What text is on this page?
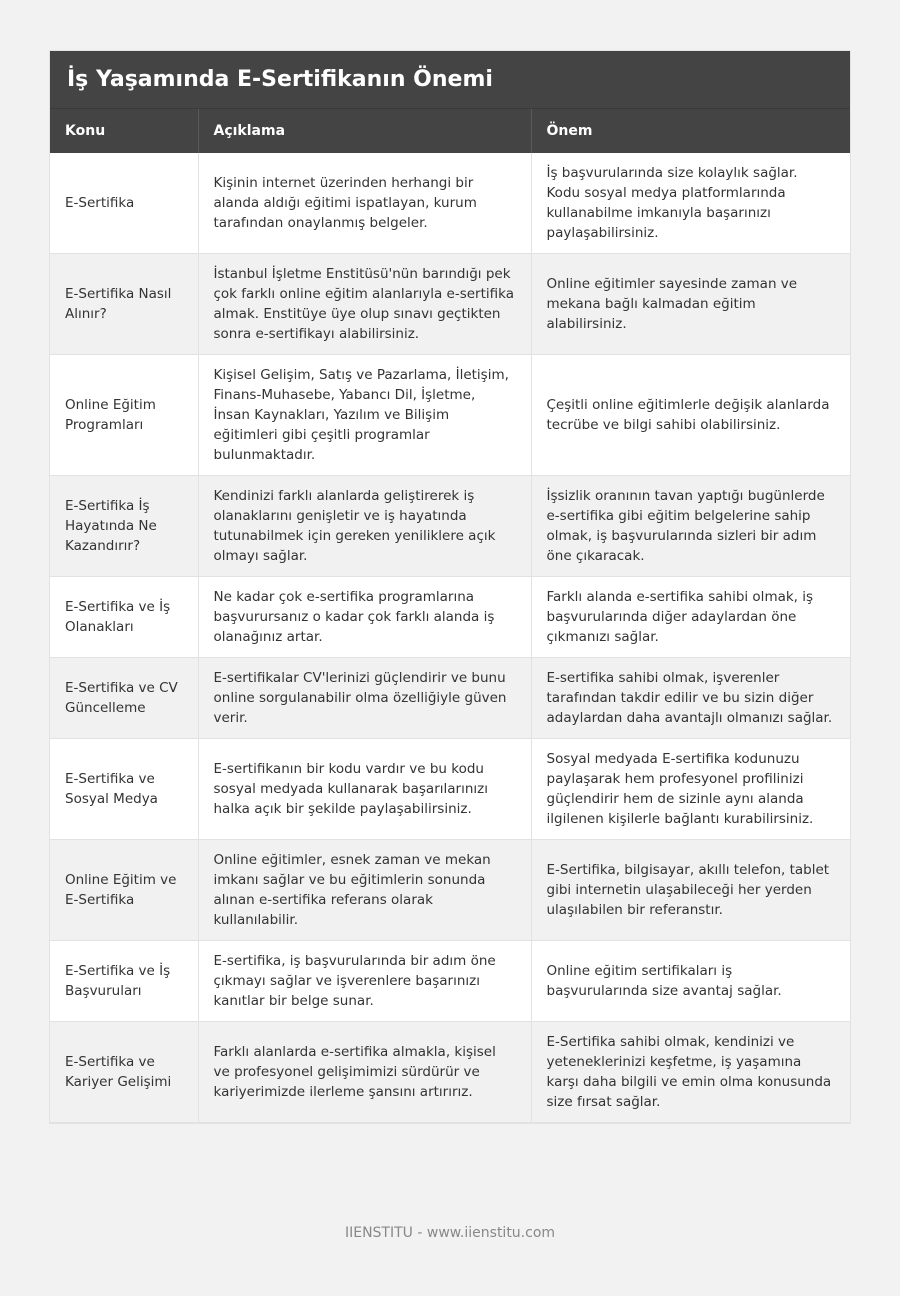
İş Yaşamında E-Sertifikanın Önemi
Konu	Açıklama	Önem
E-Sertifika	Kişinin internet üzerinden herhangi bir alanda aldığı eğitimi ispatlayan, kurum tarafından onaylanmış belgeler.	İş başvurularında size kolaylık sağlar. Kodu sosyal medya platformlarında kullanabilme imkanıyla başarınızı paylaşabilirsiniz.
E-Sertifika Nasıl Alınır?	İstanbul İşletme Enstitüsü'nün barındığı pek çok farklı online eğitim alanlarıyla e-sertifika almak. Enstitüye üye olup sınavı geçtikten sonra e-sertifikayı alabilirsiniz.	Online eğitimler sayesinde zaman ve mekana bağlı kalmadan eğitim alabilirsiniz.
Online Eğitim Programları	Kişisel Gelişim, Satış ve Pazarlama, İletişim, Finans-Muhasebe, Yabancı Dil, İşletme, İnsan Kaynakları, Yazılım ve Bilişim eğitimleri gibi çeşitli programlar bulunmaktadır.	Çeşitli online eğitimlerle değişik alanlarda tecrübe ve bilgi sahibi olabilirsiniz.
E-Sertifika İş Hayatında Ne Kazandırır?	Kendinizi farklı alanlarda geliştirerek iş olanaklarını genişletir ve iş hayatında tutunabilmek için gereken yeniliklere açık olmayı sağlar.	İşsizlik oranının tavan yaptığı bugünlerde e-sertifika gibi eğitim belgelerine sahip olmak, iş başvurularında sizleri bir adım öne çıkaracak.
E-Sertifika ve İş Olanakları	Ne kadar çok e-sertifika programlarına başvurursanız o kadar çok farklı alanda iş olanağınız artar.	Farklı alanda e-sertifika sahibi olmak, iş başvurularında diğer adaylardan öne çıkmanızı sağlar.
E-Sertifika ve CV Güncelleme	E-sertifikalar CV'lerinizi güçlendirir ve bunu online sorgulanabilir olma özelliğiyle güven verir.	E-sertifika sahibi olmak, işverenler tarafından takdir edilir ve bu sizin diğer adaylardan daha avantajlı olmanızı sağlar.
E-Sertifika ve Sosyal Medya	E-sertifikanın bir kodu vardır ve bu kodu sosyal medyada kullanarak başarılarınızı halka açık bir şekilde paylaşabilirsiniz.	Sosyal medyada E-sertifika kodunuzu paylaşarak hem profesyonel profilinizi güçlendirir hem de sizinle aynı alanda ilgilenen kişilerle bağlantı kurabilirsiniz.
Online Eğitim ve E-Sertifika	Online eğitimler, esnek zaman ve mekan imkanı sağlar ve bu eğitimlerin sonunda alınan e-sertifika referans olarak kullanılabilir.	E-Sertifika, bilgisayar, akıllı telefon, tablet gibi internetin ulaşabileceği her yerden ulaşılabilen bir referanstır.
E-Sertifika ve İş Başvuruları	E-sertifika, iş başvurularında bir adım öne çıkmayı sağlar ve işverenlere başarınızı kanıtlar bir belge sunar.	Online eğitim sertifikaları iş başvurularında size avantaj sağlar.
E-Sertifika ve Kariyer Gelişimi	Farklı alanlarda e-sertifika almakla, kişisel ve profesyonel gelişimimizi sürdürür ve kariyerimizde ilerleme şansını artırırız.	E-Sertifika sahibi olmak, kendinizi ve yeteneklerinizi keşfetme, iş yaşamına karşı daha bilgili ve emin olma konusunda size fırsat sağlar.
IIENSTITU - www.iienstitu.com
